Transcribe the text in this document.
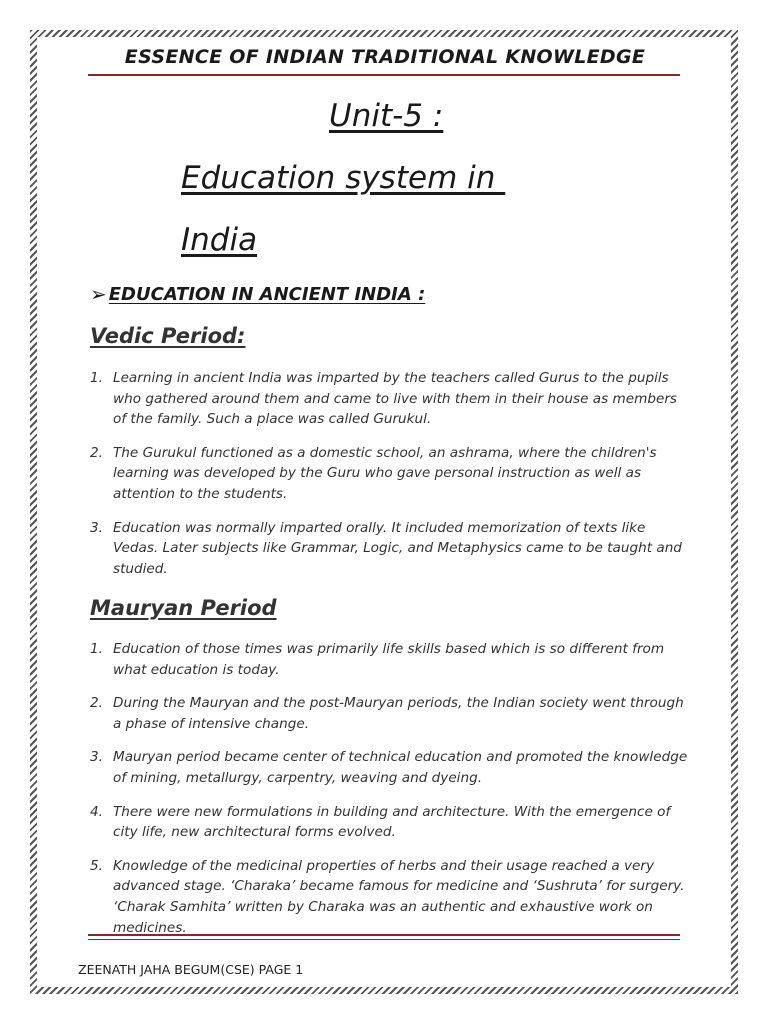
ESSENCE OF INDIAN TRADITIONAL KNOWLEDGE
Unit-5 :
Education system in
India
➢ EDUCATION IN ANCIENT INDIA :
Vedic Period:
1. Learning in ancient India was imparted by the teachers called Gurus to the pupils who gathered around them and came to live with them in their house as members of the family. Such a place was called Gurukul.
2. The Gurukul functioned as a domestic school, an ashrama, where the children's learning was developed by the Guru who gave personal instruction as well as attention to the students.
3. Education was normally imparted orally. It included memorization of texts like Vedas. Later subjects like Grammar, Logic, and Metaphysics came to be taught and studied.
Mauryan Period
1. Education of those times was primarily life skills based which is so different from what education is today.
2. During the Mauryan and the post-Mauryan periods, the Indian society went through a phase of intensive change.
3. Mauryan period became center of technical education and promoted the knowledge of mining, metallurgy, carpentry, weaving and dyeing.
4. There were new formulations in building and architecture. With the emergence of city life, new architectural forms evolved.
5. Knowledge of the medicinal properties of herbs and their usage reached a very advanced stage. ‘Charaka’ became famous for medicine and ‘Sushruta’ for surgery. ‘Charak Samhita’ written by Charaka was an authentic and exhaustive work on medicines.
ZEENATH JAHA BEGUM(CSE) PAGE 1
